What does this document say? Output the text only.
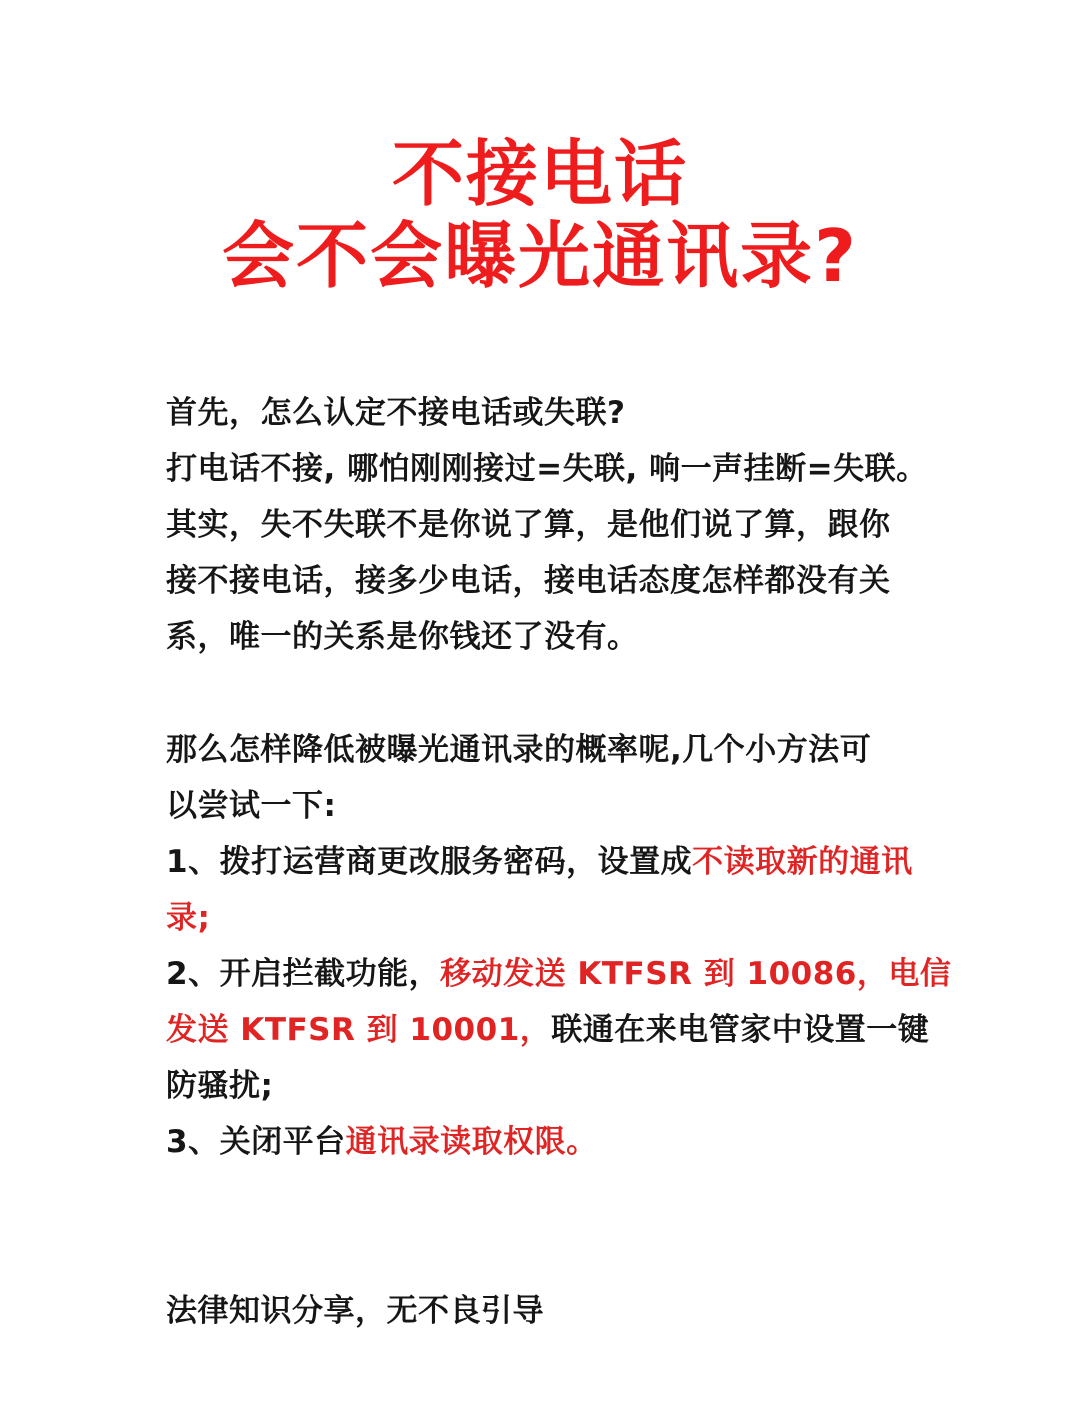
不接电话
会不会曝光通讯录?
首先，怎么认定不接电话或失联?
打电话不接, 哪怕刚刚接过=失联, 响一声挂断=失联。
其实，失不失联不是你说了算，是他们说了算，跟你
接不接电话，接多少电话，接电话态度怎样都没有关
系，唯一的关系是你钱还了没有。
那么怎样降低被曝光通讯录的概率呢,几个小方法可
以尝试一下:
1、拨打运营商更改服务密码，设置成不读取新的通讯
录;
2、开启拦截功能，移动发送 KTFSR 到 10086，电信
发送 KTFSR 到 10001，联通在来电管家中设置一键
防骚扰;
3、关闭平台通讯录读取权限。
法律知识分享，无不良引导
